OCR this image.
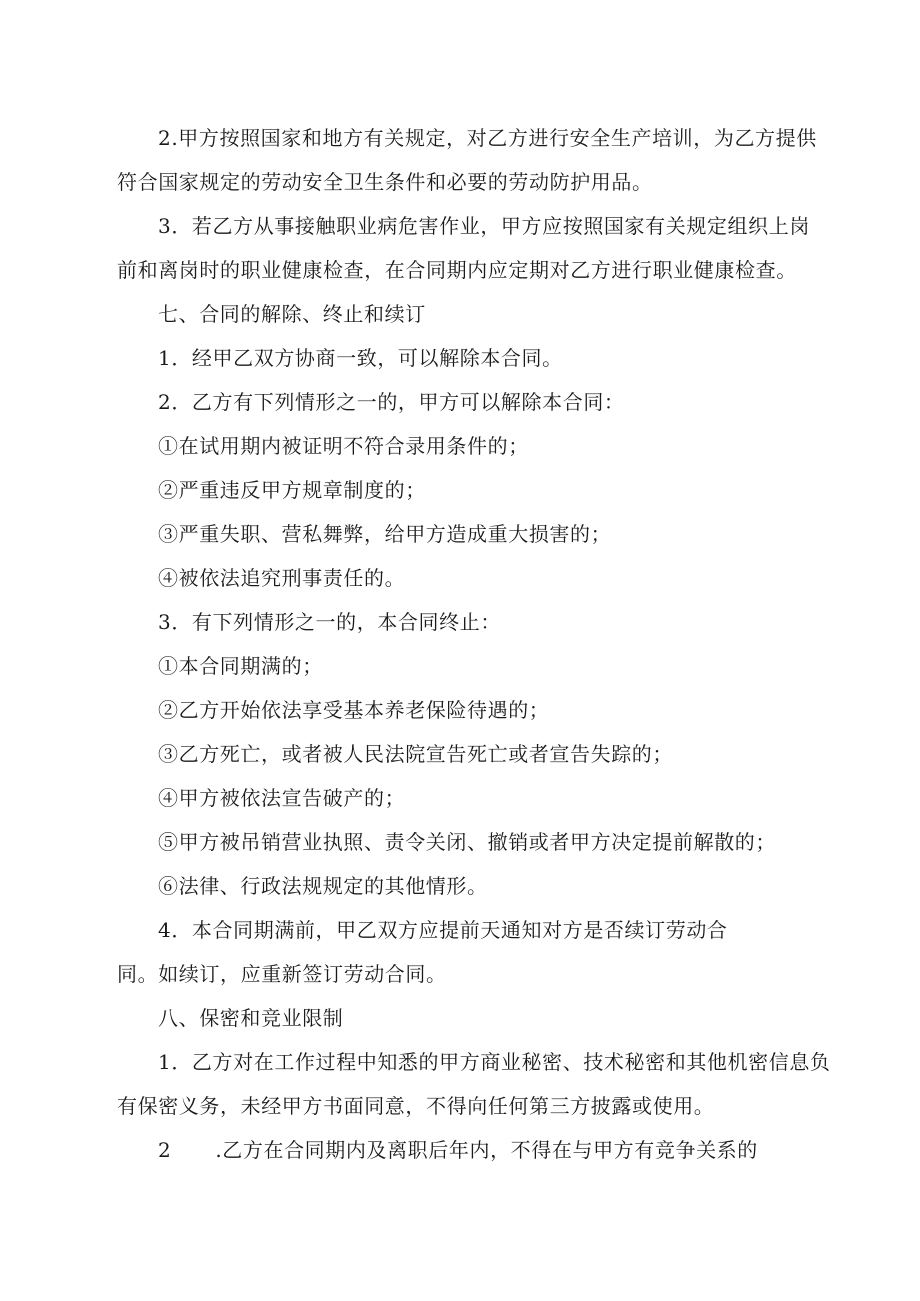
2.甲方按照国家和地方有关规定，对乙方进行安全生产培训，为乙方提供
符合国家规定的劳动安全卫生条件和必要的劳动防护用品。
3．若乙方从事接触职业病危害作业，甲方应按照国家有关规定组织上岗
前和离岗时的职业健康检查，在合同期内应定期对乙方进行职业健康检查。
七、合同的解除、终止和续订
1．经甲乙双方协商一致，可以解除本合同。
2．乙方有下列情形之一的，甲方可以解除本合同：
①在试用期内被证明不符合录用条件的；
②严重违反甲方规章制度的；
③严重失职、营私舞弊，给甲方造成重大损害的；
④被依法追究刑事责任的。
3．有下列情形之一的，本合同终止：
①本合同期满的；
②乙方开始依法享受基本养老保险待遇的；
③乙方死亡，或者被人民法院宣告死亡或者宣告失踪的；
④甲方被依法宣告破产的；
⑤甲方被吊销营业执照、责令关闭、撤销或者甲方决定提前解散的；
⑥法律、行政法规规定的其他情形。
4．本合同期满前，甲乙双方应提前天通知对方是否续订劳动合
同。如续订，应重新签订劳动合同。
八、保密和竞业限制
1．乙方对在工作过程中知悉的甲方商业秘密、技术秘密和其他机密信息负
有保密义务，未经甲方书面同意，不得向任何第三方披露或使用。
2 .乙方在合同期内及离职后年内，不得在与甲方有竞争关系的
